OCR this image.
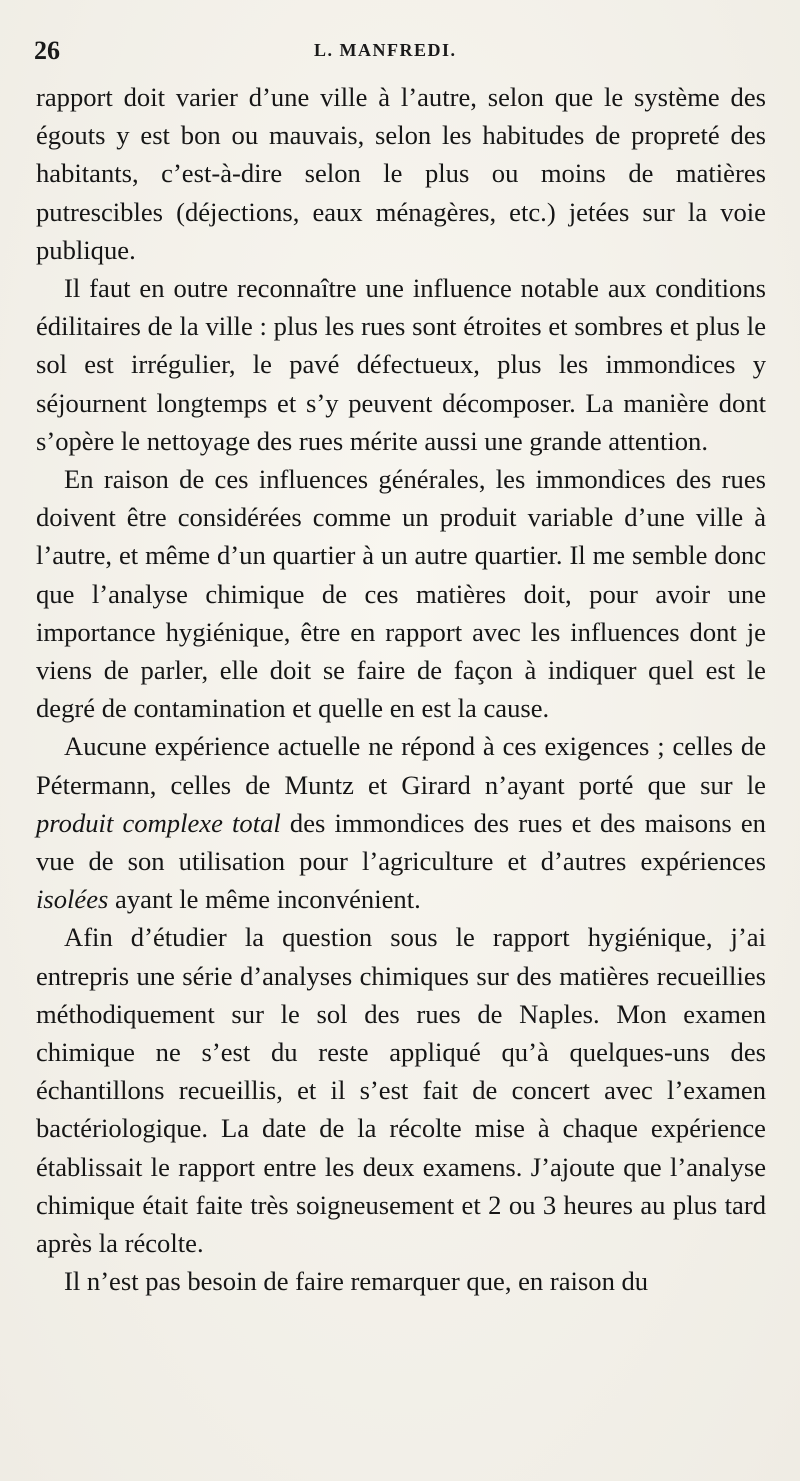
26	L. MANFREDI.

rapport doit varier d’une ville à l’autre, selon que le système des égouts y est bon ou mauvais, selon les habitudes de propreté des habitants, c’est-à-dire selon le plus ou moins de matières putrescibles (déjections, eaux ménagères, etc.) jetées sur la voie publique.

Il faut en outre reconnaître une influence notable aux conditions édilitaires de la ville : plus les rues sont étroites et sombres et plus le sol est irrégulier, le pavé défectueux, plus les immondices y séjournent longtemps et s’y peuvent décomposer. La manière dont s’opère le nettoyage des rues mérite aussi une grande attention.

En raison de ces influences générales, les immondices des rues doivent être considérées comme un produit variable d’une ville à l’autre, et même d’un quartier à un autre quartier. Il me semble donc que l’analyse chimique de ces matières doit, pour avoir une importance hygiénique, être en rapport avec les influences dont je viens de parler, elle doit se faire de façon à indiquer quel est le degré de contamination et quelle en est la cause.

Aucune expérience actuelle ne répond à ces exigences ; celles de Pétermann, celles de Muntz et Girard n’ayant porté que sur le produit complexe total des immondices des rues et des maisons en vue de son utilisation pour l’agriculture et d’autres expériences isolées ayant le même inconvénient.

Afin d’étudier la question sous le rapport hygiénique, j’ai entrepris une série d’analyses chimiques sur des matières recueillies méthodiquement sur le sol des rues de Naples. Mon examen chimique ne s’est du reste appliqué qu’à quelques-uns des échantillons recueillis, et il s’est fait de concert avec l’examen bactériologique. La date de la récolte mise à chaque expérience établissait le rapport entre les deux examens. J’ajoute que l’analyse chimique était faite très soigneusement et 2 ou 3 heures au plus tard après la récolte.

Il n’est pas besoin de faire remarquer que, en raison du
